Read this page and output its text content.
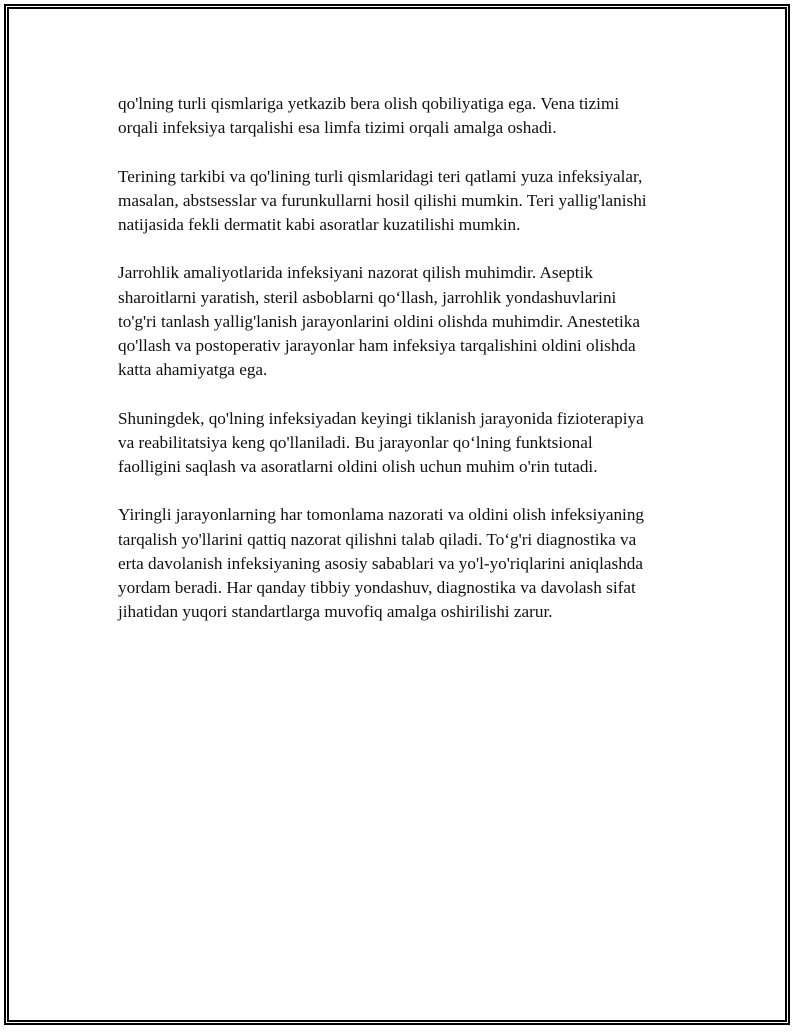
qo'lning turli qismlariga yetkazib bera olish qobiliyatiga ega. Vena tizimi
orqali infeksiya tarqalishi esa limfa tizimi orqali amalga oshadi.

Terining tarkibi va qo'lining turli qismlaridagi teri qatlami yuza infeksiyalar,
masalan, abstsesslar va furunkullarni hosil qilishi mumkin. Teri yallig'lanishi
natijasida fekli dermatit kabi asoratlar kuzatilishi mumkin.

Jarrohlik amaliyotlarida infeksiyani nazorat qilish muhimdir. Aseptik
sharoitlarni yaratish, steril asboblarni qo‘llash, jarrohlik yondashuvlarini
to'g'ri tanlash yallig'lanish jarayonlarini oldini olishda muhimdir. Anestetika
qo'llash va postoperativ jarayonlar ham infeksiya tarqalishini oldini olishda
katta ahamiyatga ega.

Shuningdek, qo'lning infeksiyadan keyingi tiklanish jarayonida fizioterapiya
va reabilitatsiya keng qo'llaniladi. Bu jarayonlar qo‘lning funktsional
faolligini saqlash va asoratlarni oldini olish uchun muhim o'rin tutadi.

Yiringli jarayonlarning har tomonlama nazorati va oldini olish infeksiyaning
tarqalish yo'llarini qattiq nazorat qilishni talab qiladi. To‘g'ri diagnostika va
erta davolanish infeksiyaning asosiy sabablari va yo'l-yo'riqlarini aniqlashda
yordam beradi. Har qanday tibbiy yondashuv, diagnostika va davolash sifat
jihatidan yuqori standartlarga muvofiq amalga oshirilishi zarur.
